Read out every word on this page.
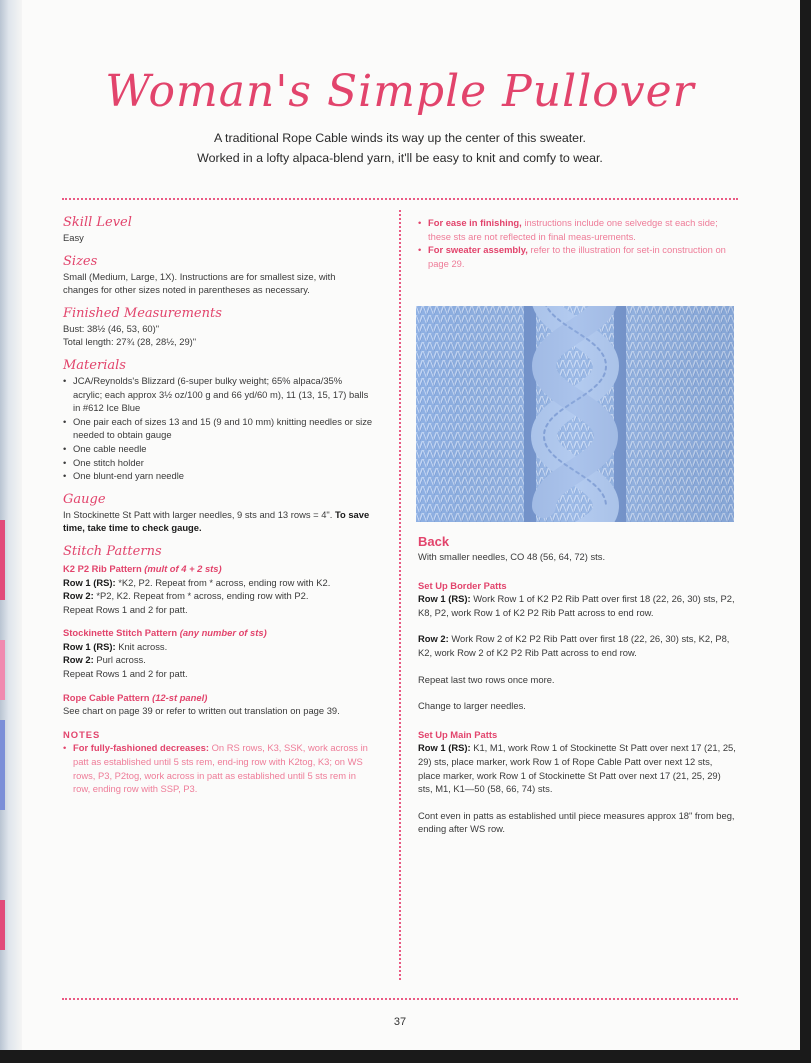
Woman's Simple Pullover
A traditional Rope Cable winds its way up the center of this sweater.
Worked in a lofty alpaca-blend yarn, it'll be easy to knit and comfy to wear.

Skill Level

Easy

Sizes

Small (Medium, Large, 1X). Instructions are for smallest size, with changes for other sizes noted in parentheses as necessary.

Finished Measurements

Bust: 38½ (46, 53, 60)"

Total length: 27¾ (28, 28½, 29)"

Materials

• JCA/Reynolds's Blizzard (6-super bulky weight; 65% alpaca/35% acrylic; each approx 3½ oz/100 g and 66 yd/60 m), 11 (13, 15, 17) balls in #612 Ice Blue
• One pair each of sizes 13 and 15 (9 and 10 mm) knitting needles or size needed to obtain gauge
• One cable needle
• One stitch holder
• One blunt-end yarn needle

Gauge

In Stockinette St Patt with larger needles, 9 sts and 13 rows = 4". To save time, take time to check gauge.

Stitch Patterns

K2 P2 Rib Pattern (mult of 4 + 2 sts)

Row 1 (RS): *K2, P2. Repeat from * across, ending row with K2.

Row 2: *P2, K2. Repeat from * across, ending row with P2.

Repeat Rows 1 and 2 for patt.

Stockinette Stitch Pattern (any number of sts)

Row 1 (RS): Knit across.

Row 2: Purl across.

Repeat Rows 1 and 2 for patt.

Rope Cable Pattern (12-st panel)

See chart on page 39 or refer to written out translation on page 39.

NOTES

• For fully-fashioned decreases: On RS rows, K3, SSK, work across in patt as established until 5 sts rem, end-ing row with K2tog, K3; on WS rows, P3, P2tog, work across in patt as established until 5 sts rem in row, ending row with SSP, P3.
• For ease in finishing, instructions include one selvedge st each side; these sts are not reflected in final meas-urements.
• For sweater assembly, refer to the illustration for set-in construction on page 29.

Back

With smaller needles, CO 48 (56, 64, 72) sts.

Set Up Border Patts

Row 1 (RS): Work Row 1 of K2 P2 Rib Patt over first 18 (22, 26, 30) sts, P2, K8, P2, work Row 1 of K2 P2 Rib Patt across to end row.

Row 2: Work Row 2 of K2 P2 Rib Patt over first 18 (22, 26, 30) sts, K2, P8, K2, work Row 2 of K2 P2 Rib Patt across to end row.

Repeat last two rows once more.

Change to larger needles.

Set Up Main Patts

Row 1 (RS): K1, M1, work Row 1 of Stockinette St Patt over next 17 (21, 25, 29) sts, place marker, work Row 1 of Rope Cable Patt over next 12 sts, place marker, work Row 1 of Stockinette St Patt over next 17 (21, 25, 29) sts, M1, K1—50 (58, 66, 74) sts.

Cont even in patts as established until piece measures approx 18" from beg, ending after WS row.

37
